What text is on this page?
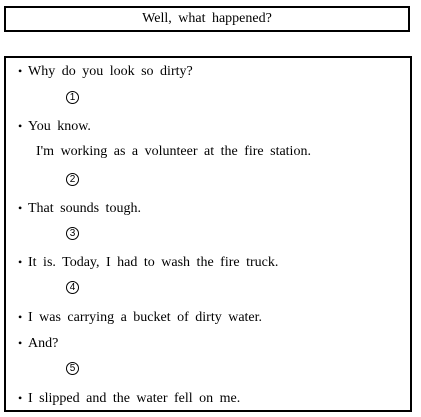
Well, what happened?
• Why do you look so dirty?
1
• You know.
I'm working as a volunteer at the fire station.
2
• That sounds tough.
3
• It is. Today, I had to wash the fire truck.
4
• I was carrying a bucket of dirty water.
• And?
5
• I slipped and the water fell on me.
